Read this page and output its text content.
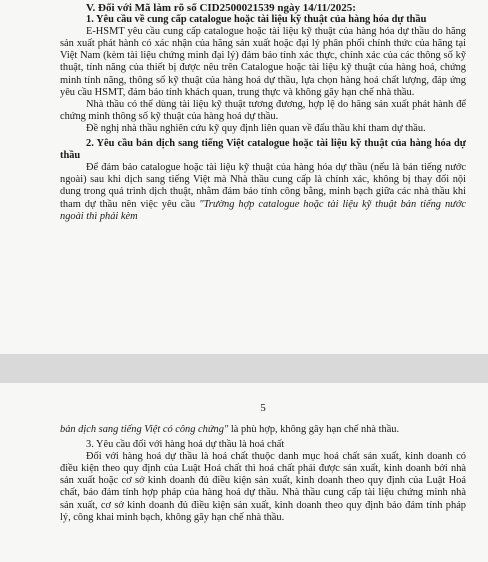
V. Đối với Mã làm rõ số CID2500021539 ngày 14/11/2025:

1. Yêu cầu về cung cấp catalogue hoặc tài liệu kỹ thuật của hàng hóa dự thầu

E-HSMT yêu cầu cung cấp catalogue hoặc tài liệu kỹ thuật của hàng hóa dự thầu do hãng sản xuất phát hành có xác nhận của hãng sản xuất hoặc đại lý phân phối chính thức của hãng tại Việt Nam (kèm tài liệu chứng minh đại lý) đảm bảo tính xác thực, chính xác của các thông số kỹ thuật, tính năng của thiết bị được nêu trên Catalogue hoặc tài liệu kỹ thuật của hàng hoá, chứng minh tính năng, thông số kỹ thuật của hàng hoá dự thầu, lựa chọn hàng hoá chất lượng, đáp ứng yêu cầu HSMT, đảm bảo tính khách quan, trung thực và không gây hạn chế nhà thầu.

Nhà thầu có thể dùng tài liệu kỹ thuật tương đương, hợp lệ do hãng sản xuất phát hành để chứng minh thông số kỹ thuật của hàng hoá dự thầu.

Đề nghị nhà thầu nghiên cứu kỹ quy định liên quan về đấu thầu khi tham dự thầu.

2. Yêu cầu bản dịch sang tiếng Việt catalogue hoặc tài liệu kỹ thuật của hàng hóa dự thầu

Để đảm bảo catalogue hoặc tài liệu kỹ thuật của hàng hóa dự thầu (nếu là bản tiếng nước ngoài) sau khi dịch sang tiếng Việt mà Nhà thầu cung cấp là chính xác, không bị thay đổi nội dung trong quá trình dịch thuật, nhằm đảm bảo tính công bằng, minh bạch giữa các nhà thầu khi tham dự thầu nên việc yêu cầu "Trường hợp catalogue hoặc tài liệu kỹ thuật bản tiếng nước ngoài thì phải kèm

5

bản dịch sang tiếng Việt có công chứng" là phù hợp, không gây hạn chế nhà thầu.

3. Yêu cầu đối với hàng hoá dự thầu là hoá chất

Đối với hàng hoá dự thầu là hoá chất thuộc danh mục hoá chất sản xuất, kinh doanh có điều kiện theo quy định của Luật Hoá chất thì hoá chất phải được sản xuất, kinh doanh bởi nhà sản xuất hoặc cơ sở kinh doanh đủ điều kiện sản xuất, kinh doanh theo quy định của Luật Hoá chất, bảo đảm tính hợp pháp của hàng hoá dự thầu. Nhà thầu cung cấp tài liệu chứng minh nhà sản xuất, cơ sở kinh doanh đủ điều kiện sản xuất, kinh doanh theo quy định bảo đảm tính pháp lý, công khai minh bạch, không gây hạn chế nhà thầu.
